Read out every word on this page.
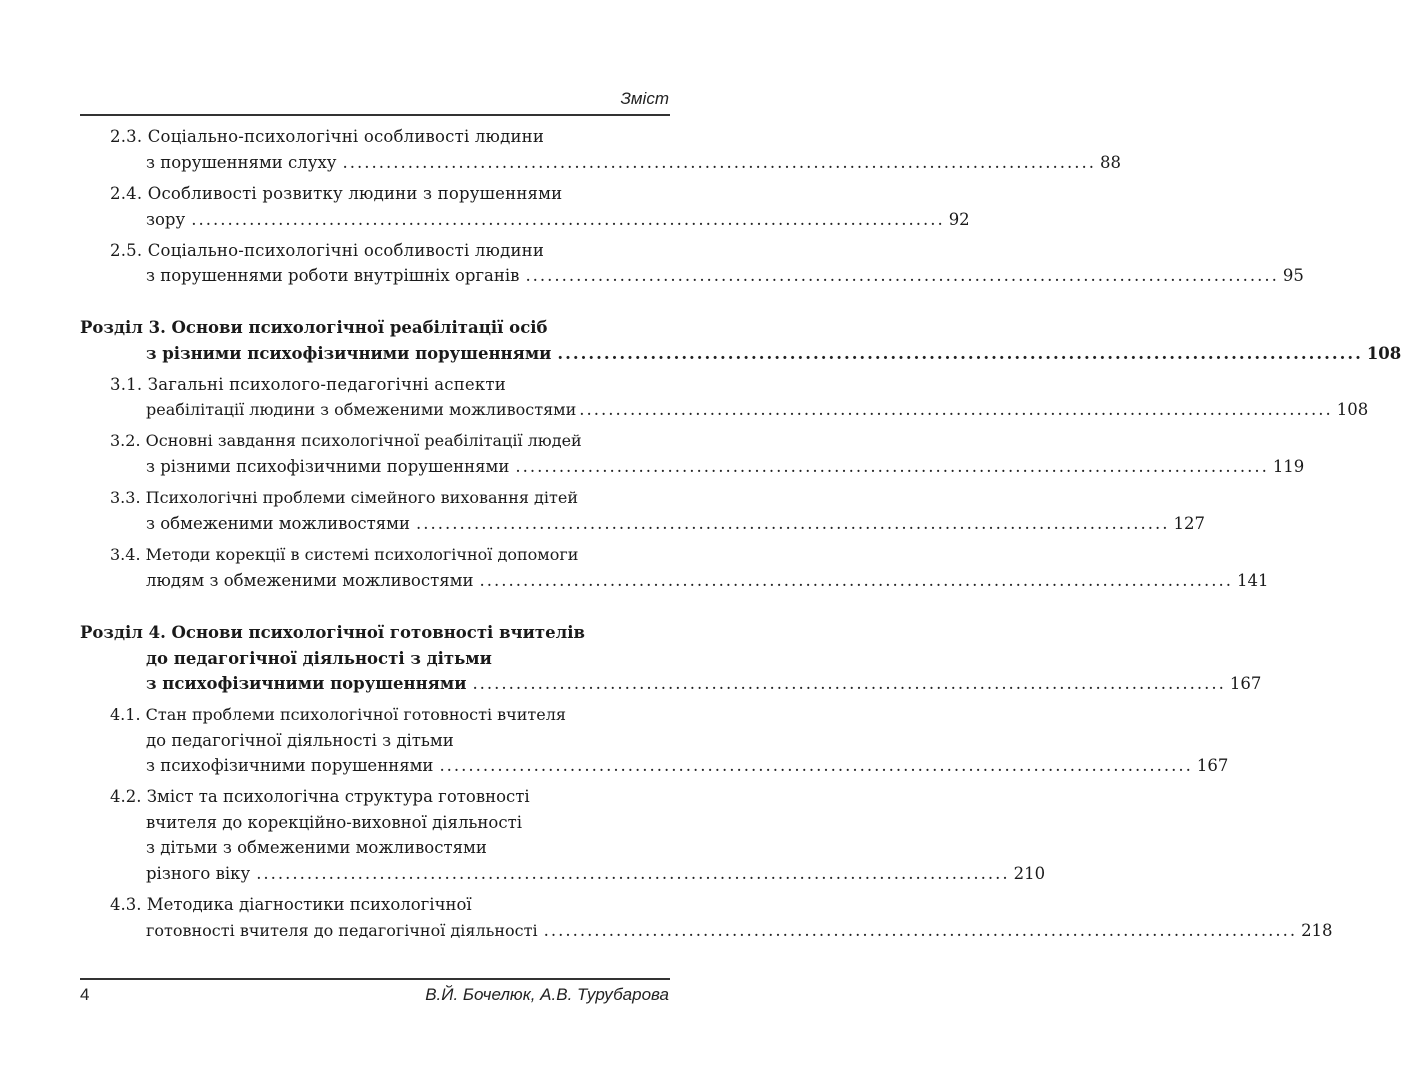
Зміст
2.3. Соціально-психологічні особливості людини
з порушеннями слуху ........................................................................................................ 88
2.4. Особливості розвитку людини з порушеннями
зору ........................................................................................................ 92
2.5. Соціально-психологічні особливості людини
з порушеннями роботи внутрішніх органів ........................................................................................................ 95
Розділ 3. Основи психологічної реабілітації осіб
з різними психофізичними порушеннями ........................................................................................................ 108
3.1. Загальні психолого-педагогічні аспекти
реабілітації людини з обмеженими можливостями ........................................................................................................ 108
3.2. Основні завдання психологічної реабілітації людей
з різними психофізичними порушеннями ........................................................................................................ 119
3.3. Психологічні проблеми сімейного виховання дітей
з обмеженими можливостями ........................................................................................................ 127
3.4. Методи корекції в системі психологічної допомоги
людям з обмеженими можливостями ........................................................................................................ 141
Розділ 4. Основи психологічної готовності вчителів
до педагогічної діяльності з дітьми
з психофізичними порушеннями ........................................................................................................ 167
4.1. Стан проблеми психологічної готовності вчителя
до педагогічної діяльності з дітьми
з психофізичними порушеннями ........................................................................................................ 167
4.2. Зміст та психологічна структура готовності
вчителя до корекційно-виховної діяльності
з дітьми з обмеженими можливостями
різного віку ........................................................................................................ 210
4.3. Методика діагностики психологічної
готовності вчителя до педагогічної діяльності ........................................................................................................ 218
4	В.Й. Бочелюк, А.В. Турубарова
